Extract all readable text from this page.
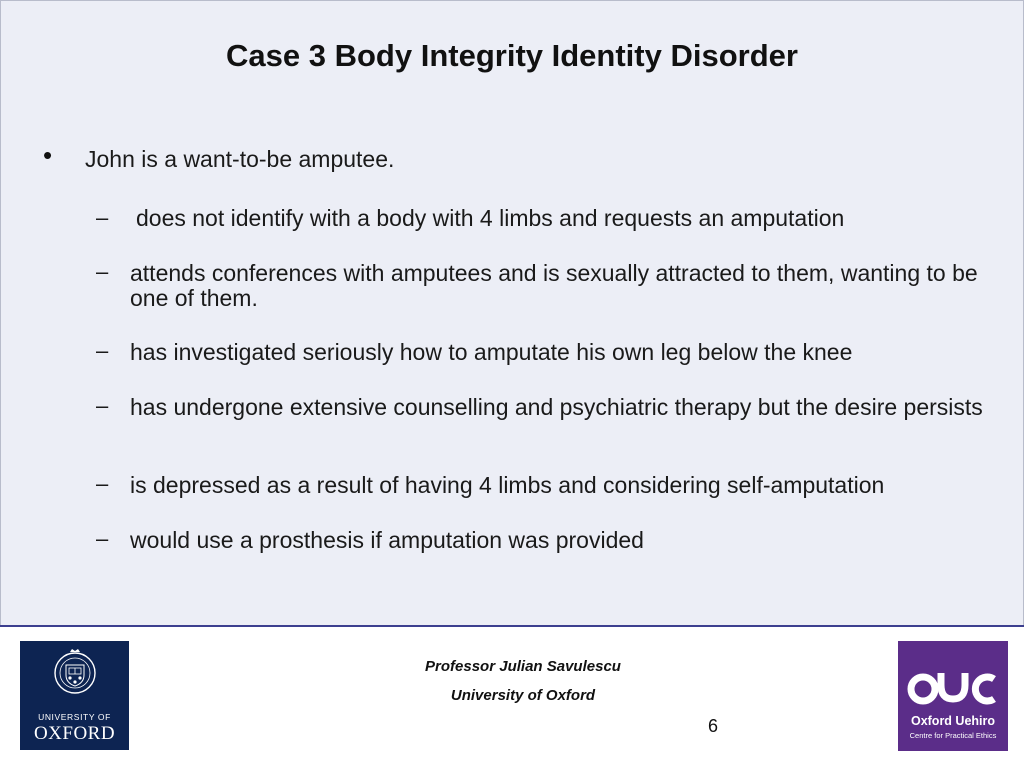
Case 3 Body Integrity Identity Disorder
• John is a want-to-be amputee.
– does not identify with a body with 4 limbs and requests an amputation
– attends conferences with amputees and is sexually attracted to them, wanting to be one of them.
– has investigated seriously how to amputate his own leg below the knee
– has undergone extensive counselling and psychiatric therapy but the desire persists
– is depressed as a result of having 4 limbs and considering self-amputation
– would use a prosthesis if amputation was provided
Professor Julian Savulescu
University of Oxford
6
UNIVERSITY OF
OXFORD
Oxford Uehiro
Centre for Practical Ethics
